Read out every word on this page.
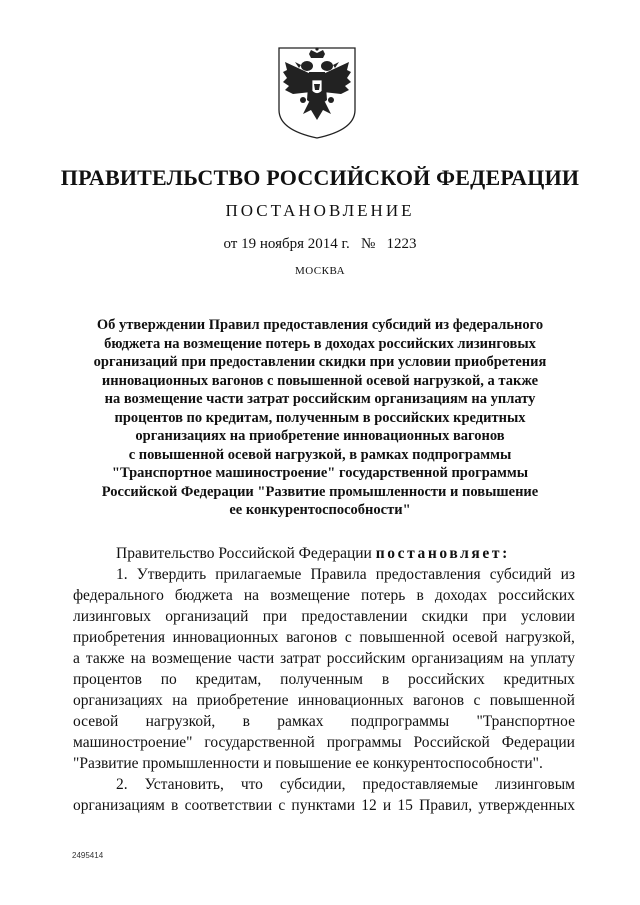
ПРАВИТЕЛЬСТВО РОССИЙСКОЙ ФЕДЕРАЦИИ
ПОСТАНОВЛЕНИЕ
от 19 ноября 2014 г. № 1223
МОСКВА
Об утверждении Правил предоставления субсидий из федерального
бюджета на возмещение потерь в доходах российских лизинговых
организаций при предоставлении скидки при условии приобретения
инновационных вагонов с повышенной осевой нагрузкой, а также
на возмещение части затрат российским организациям на уплату
процентов по кредитам, полученным в российских кредитных
организациях на приобретение инновационных вагонов
с повышенной осевой нагрузкой, в рамках подпрограммы
"Транспортное машиностроение" государственной программы
Российской Федерации "Развитие промышленности и повышение
ее конкурентоспособности"
Правительство Российской Федерации
постановляет:
1. Утвердить прилагаемые Правила предоставления субсидий из
федерального бюджета на возмещение потерь в доходах российских
лизинговых организаций при предоставлении скидки при условии
приобретения инновационных вагонов с повышенной осевой нагрузкой,
а также на возмещение части затрат российским организациям на уплату
процентов по кредитам, полученным в российских кредитных
организациях на приобретение инновационных вагонов с повышенной
осевой нагрузкой, в рамках подпрограммы "Транспортное
машиностроение" государственной программы Российской Федерации
"Развитие промышленности и повышение ее конкурентоспособности".
2. Установить, что субсидии, предоставляемые лизинговым
организациям в соответствии с пунктами 12 и 15 Правил, утвержденных
2495414
